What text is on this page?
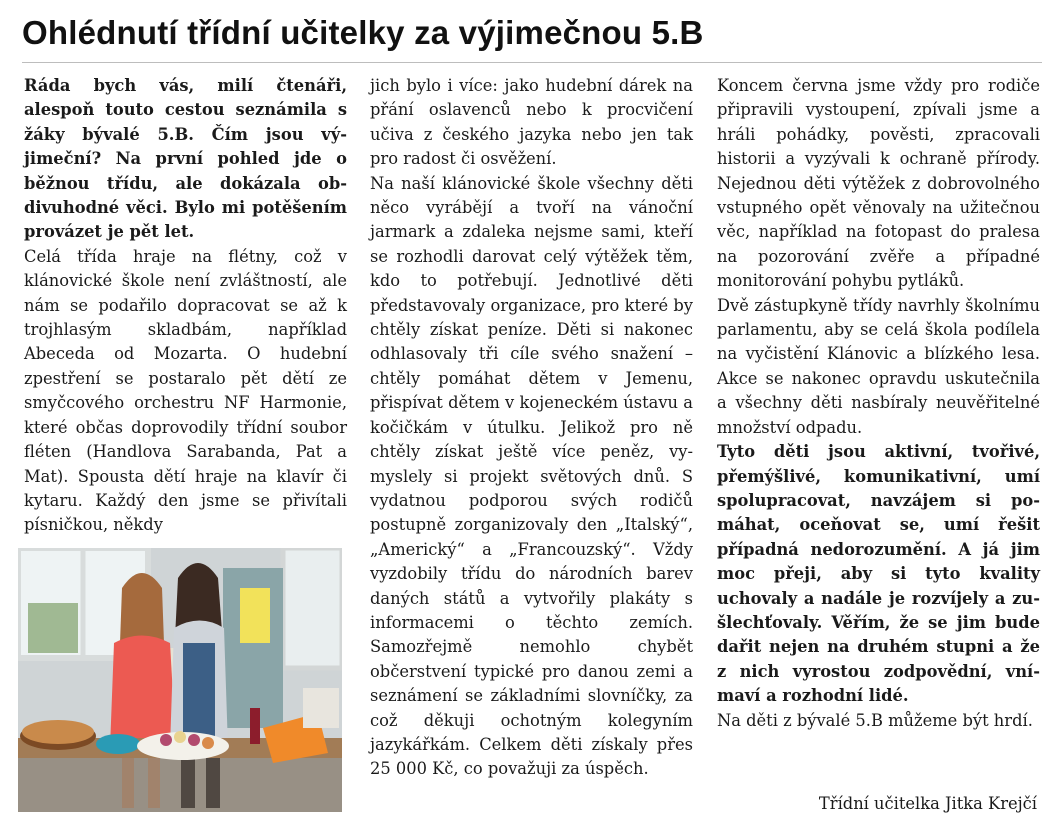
Ohlédnutí třídní učitelky za výjimečnou 5.B

Ráda bych vás, milí čtenáři, alespoň touto cestou seznámila s žáky bývalé 5.B. Čím jsou výjimeční? Na první pohled jde o běžnou třídu, ale dokázala obdivuhodné věci. Bylo mi potěšením provázet je pět let.

Celá třída hraje na flétny, což v klánovické škole není zvláštností, ale nám se podařilo dopracovat se až k trojhlasým skladbám, například Abeceda od Mozarta. O hudební zpestření se postaralo pět dětí ze smyčcového orchestru NF Harmonie, které občas doprovodily třídní soubor fléten (Handlova Sarabanda, Pat a Mat). Spousta dětí hraje na klavír či kytaru. Každý den jsme se přivítali písničkou, někdy

jich bylo i více: jako hudební dárek na přání oslavenců nebo k procvičení učiva z českého jazyka nebo jen tak pro radost či osvěžení.

Na naší klánovické škole všechny děti něco vyrábějí a tvoří na vánoční jarmark a zdaleka nejsme sami, kteří se rozhodli darovat celý výtěžek těm, kdo to potřebují. Jednotlivé děti představovaly organizace, pro které by chtěly získat peníze. Děti si nakonec odhlasovaly tři cíle svého snažení – chtěly pomáhat dětem v Jemenu, přispívat dětem v kojeneckém ústavu a kočičkám v útulku. Jelikož pro ně chtěly získat ještě více peněz, vymyslely si projekt světových dnů. S vydatnou podporou svých rodičů postupně zorganizovaly den „Italský“, „Americký“ a „Francouzský“. Vždy vyzdobily třídu do národních barev daných států a vytvořily plakáty s informacemi o těchto zemích. Samozřejmě nemohlo chybět občerstvení typické pro danou zemi a seznámení se základními slovníčky, za což děkuji ochotným kolegyním jazykářkám. Celkem děti získaly přes 25 000 Kč, co považuji za úspěch.

Koncem června jsme vždy pro rodiče připravili vystoupení, zpívali jsme a hráli pohádky, pověsti, zpracovali historii a vyzývali k ochraně přírody. Nejednou děti výtěžek z dobrovolného vstupného opět věnovaly na užitečnou věc, například na fotopast do pralesa na pozorování zvěře a případné monitorování pohybu pytláků.

Dvě zástupkyně třídy navrhly školnímu parlamentu, aby se celá škola podílela na vyčistění Klánovic a blízkého lesa. Akce se nakonec opravdu uskutečnila a všechny děti nasbíraly neuvěřitelné množství odpadu.

Tyto děti jsou aktivní, tvořivé, přemýšlivé, komunikativní, umí spolupracovat, navzájem si pomáhat, oceňovat se, umí řešit případná nedorozumění. A já jim moc přeji, aby si tyto kvality uchovaly a nadále je rozvíjely a zušlechťovaly. Věřím, že se jim bude dařit nejen na druhém stupni a že z nich vyrostou zodpovědní, vnímaví a rozhodní lidé.

Na děti z bývalé 5.B můžeme být hrdí.

Třídní učitelka Jitka Krejčí
